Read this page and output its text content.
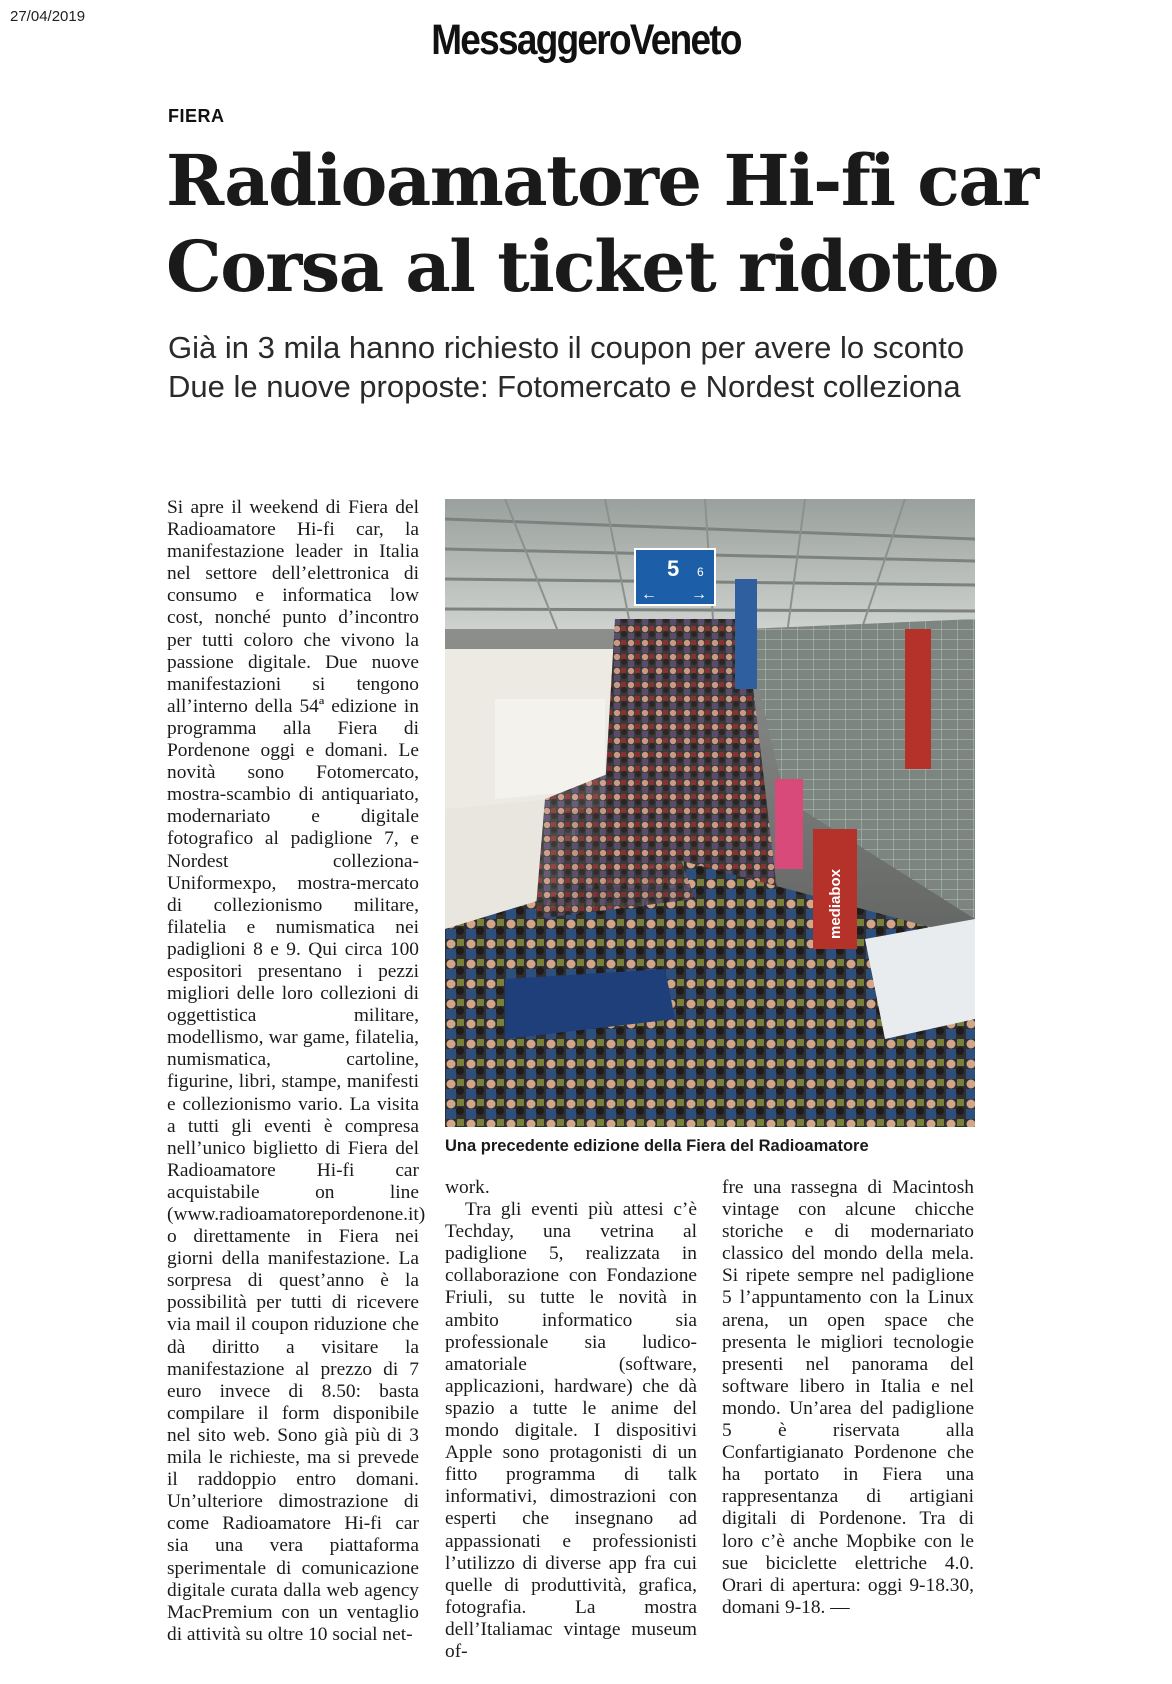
27/04/2019	MessaggeroVeneto
FIERA
Radioamatore Hi-fi car
Corsa al ticket ridotto
Già in 3 mila hanno richiesto il coupon per avere lo sconto
Due le nuove proposte: Fotomercato e Nordest colleziona

Si apre il weekend di Fiera del Radioamatore Hi-fi car, la manifestazione leader in Italia nel settore dell’elettronica di consumo e informatica low cost, nonché punto d’incontro per tutti coloro che vivono la passione digitale. Due nuove manifestazioni si tengono all’interno della 54ª edizione in programma alla Fiera di Pordenone oggi e domani. Le novità sono Fotomercato, mostra-scambio di antiquariato, modernariato e digitale fotografico al padiglione 7, e Nordest colleziona-Uniformexpo, mostra-mercato di collezionismo militare, filatelia e numismatica nei padiglioni 8 e 9. Qui circa 100 espositori presentano i pezzi migliori delle loro collezioni di oggettistica militare, modellismo, war game, filatelia, numismatica, cartoline, figurine, libri, stampe, manifesti e collezionismo vario. La visita a tutti gli eventi è compresa nell’unico biglietto di Fiera del Radioamatore Hi-fi car acquistabile on line (www.radioamatorepordenone.it) o direttamente in Fiera nei giorni della manifestazione. La sorpresa di quest’anno è la possibilità per tutti di ricevere via mail il coupon riduzione che dà diritto a visitare la manifestazione al prezzo di 7 euro invece di 8.50: basta compilare il form disponibile nel sito web. Sono già più di 3 mila le richieste, ma si prevede il raddoppio entro domani. Un’ulteriore dimostrazione di come Radioamatore Hi-fi car sia una vera piattaforma sperimentale di comunicazione digitale curata dalla web agency MacPremium con un ventaglio di attività su oltre 10 social net-

5 6
← →
mediabox
Una precedente edizione della Fiera del Radioamatore

work.

Tra gli eventi più attesi c’è Techday, una vetrina al padiglione 5, realizzata in collaborazione con Fondazione Friuli, su tutte le novità in ambito informatico sia professionale sia ludico-amatoriale (software, applicazioni, hardware) che dà spazio a tutte le anime del mondo digitale. I dispositivi Apple sono protagonisti di un fitto programma di talk informativi, dimostrazioni con esperti che insegnano ad appassionati e professionisti l’utilizzo di diverse app fra cui quelle di produttività, grafica, fotografia. La mostra dell’Italiamac vintage museum of-

fre una rassegna di Macintosh vintage con alcune chicche storiche e di modernariato classico del mondo della mela. Si ripete sempre nel padiglione 5 l’appuntamento con la Linux arena, un open space che presenta le migliori tecnologie presenti nel panorama del software libero in Italia e nel mondo. Un’area del padiglione 5 è riservata alla Confartigianato Pordenone che ha portato in Fiera una rappresentanza di artigiani digitali di Pordenone. Tra di loro c’è anche Mopbike con le sue biciclette elettriche 4.0. Orari di apertura: oggi 9-18.30, domani 9-18. —
